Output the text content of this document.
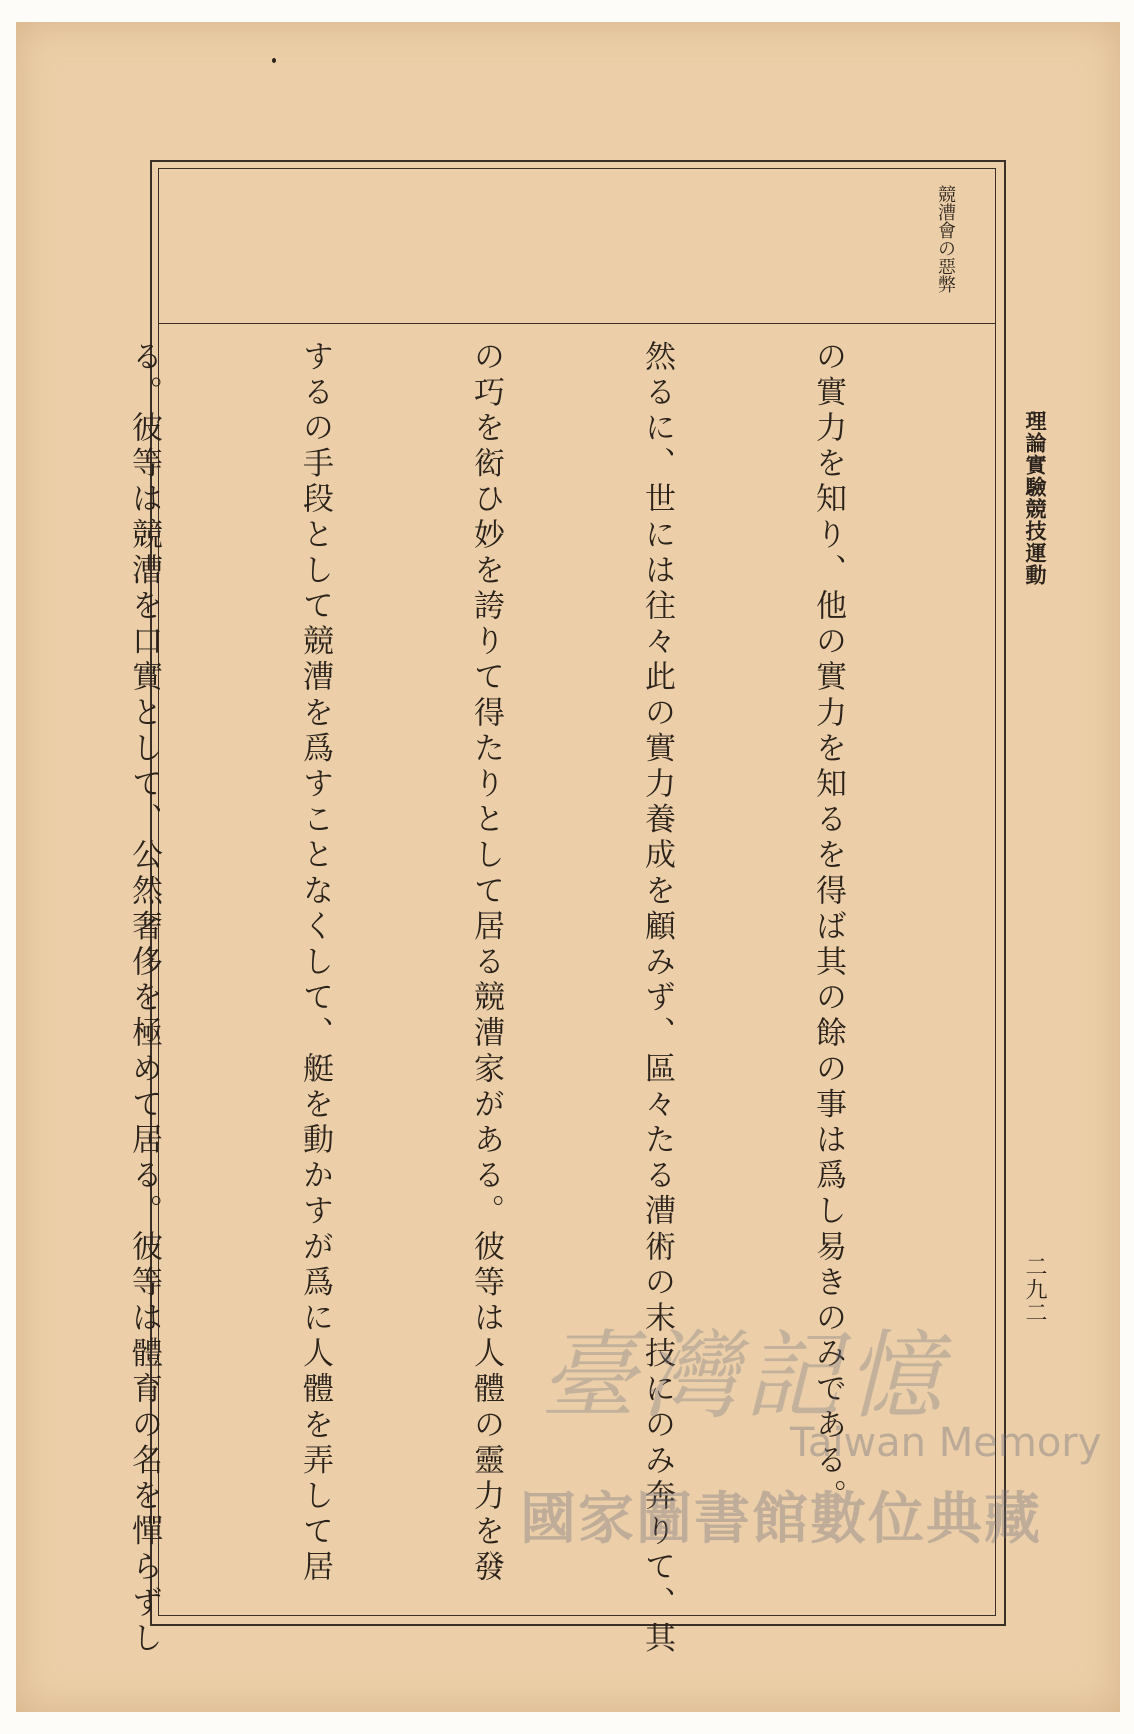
競漕會の惡弊
理論實驗競技運動

の實力を知り、他の實力を知るを得ば其の餘の事は爲し易きのみである。

然るに、世には往々此の實力養成を顧みず、區々たる漕術の末技にのみ奔りて、其

の巧を衒ひ妙を誇りて得たりとして居る競漕家がある。彼等は人體の靈力を發

するの手段として競漕を爲すことなくして、艇を動かすが爲に人體を弄して居

る。彼等は競漕を口實として、公然奢侈を極めて居る。彼等は體育の名を憚らずし

	二九二
臺灣記憶
Taiwan Memory
國家圖書館數位典藏
